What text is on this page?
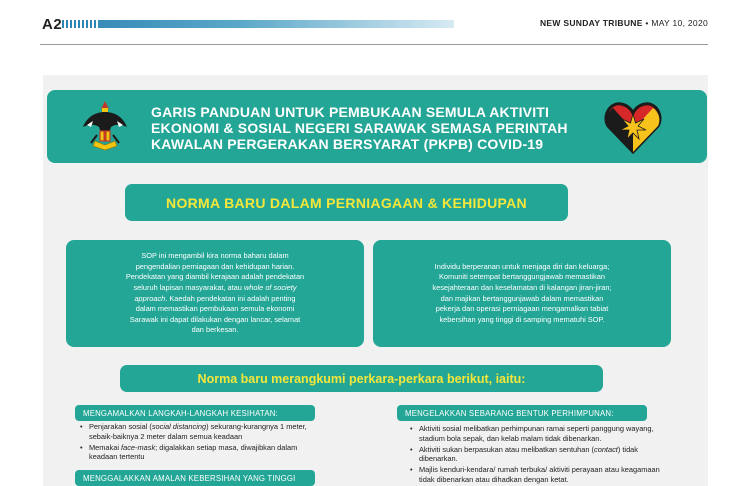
A2	NEW SUNDAY TRIBUNE • MAY 10, 2020
GARIS PANDUAN UNTUK PEMBUKAAN SEMULA AKTIVITI
EKONOMI & SOSIAL NEGERI SARAWAK SEMASA PERINTAH
KAWALAN PERGERAKAN BERSYARAT (PKPB) COVID-19
NORMA BARU DALAM PERNIAGAAN & KEHIDUPAN

SOP ini mengambil kira norma baharu dalam
pengendalian perniagaan dan kehidupan harian.
Pendekatan yang diambil kerajaan adalah pendekatan
seluruh lapisan masyarakat, atau whole of society
approach. Kaedah pendekatan ini adalah penting
dalam memastikan pembukaan semula ekonomi
Sarawak ini dapat dilakukan dengan lancar, selamat
dan berkesan.

Individu berperanan untuk menjaga diri dan keluarga;
Komuniti setempat bertanggungjawab memastikan
kesejahteraan dan keselamatan di kalangan jiran-jiran;
dan majikan bertanggunjawab dalam memastikan
pekerja dan operasi perniagaan mengamalkan tabiat
kebersihan yang tinggi di samping mematuhi SOP.

Norma baru merangkumi perkara-perkara berikut, iaitu:
MENGAMALKAN LANGKAH-LANGKAH KESIHATAN:
• Penjarakan sosial (social distancing) sekurang-kurangnya 1 meter, sebaik-baiknya 2 meter dalam semua keadaan
• Memakai face-mask; digalakkan setiap masa, diwajibkan dalam keadaan tertentu
MENGELAKKAN SEBARANG BENTUK PERHIMPUNAN:
• Aktiviti sosial melibatkan perhimpunan ramai seperti panggung wayang, stadium bola sepak, dan kelab malam tidak dibenarkan.
• Aktiviti sukan berpasukan atau melibatkan sentuhan (contact) tidak dibenarkan.
• Majlis kenduri-kendara/ rumah terbuka/ aktiviti perayaan atau keagamaan tidak dibenarkan atau dihadkan dengan ketat.
MENGGALAKKAN AMALAN KEBERSIHAN YANG TINGGI
